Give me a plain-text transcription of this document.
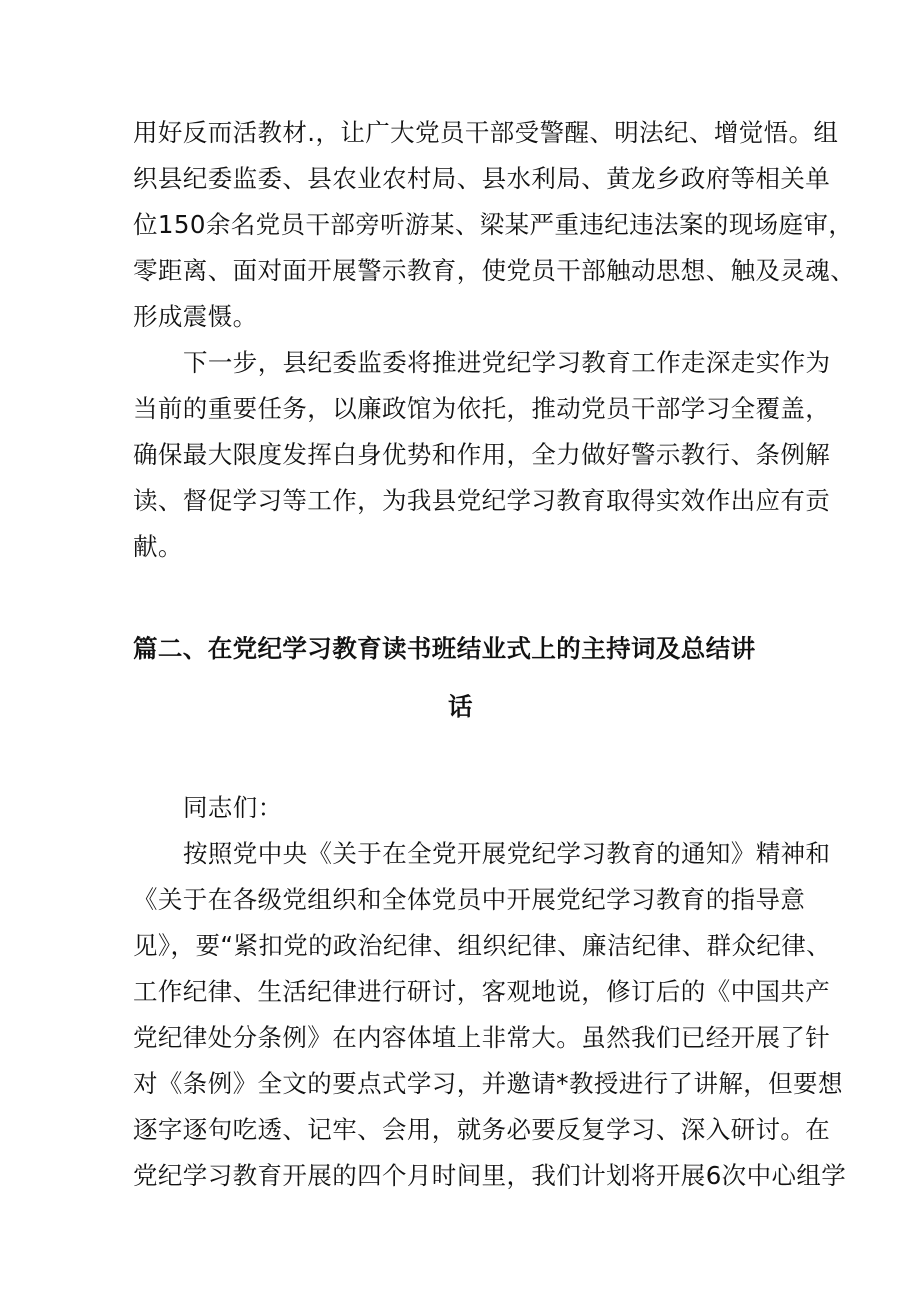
用好反而活教材.，让广大党员干部受警醒、明法纪、增觉悟。组
织县纪委监委、县农业农村局、县水利局、黄龙乡政府等相关单
位150余名党员干部旁听游某、梁某严重违纪违法案的现场庭审，
零距离、面对面开展警示教育，使党员干部触动思想、触及灵魂、
形成震慑。
下一步，县纪委监委将推进党纪学习教育工作走深走实作为
当前的重要任务，以廉政馆为依托，推动党员干部学习全覆盖，
确保最大限度发挥白身优势和作用，全力做好警示教行、条例解
读、督促学习等工作，为我县党纪学习教育取得实效作出应有贡
献。
篇二、在党纪学习教育读书班结业式上的主持词及总结讲
话
同志们：
按照党中央《关于在全党开展党纪学习教育的通知》精神和
《关于在各级党组织和全体党员中开展党纪学习教育的指导意
见》，要“紧扣党的政治纪律、组织纪律、廉洁纪律、群众纪律、
工作纪律、生活纪律进行研讨，客观地说，修订后的《中国共产
党纪律处分条例》在内容体埴上非常大。虽然我们已经开展了针
对《条例》全文的要点式学习，并邀请*教授进行了讲解，但要想
逐字逐句吃透、记牢、会用，就务必要反复学习、深入研讨。在
党纪学习教育开展的四个月时间里，我们计划将开展6次中心组学
